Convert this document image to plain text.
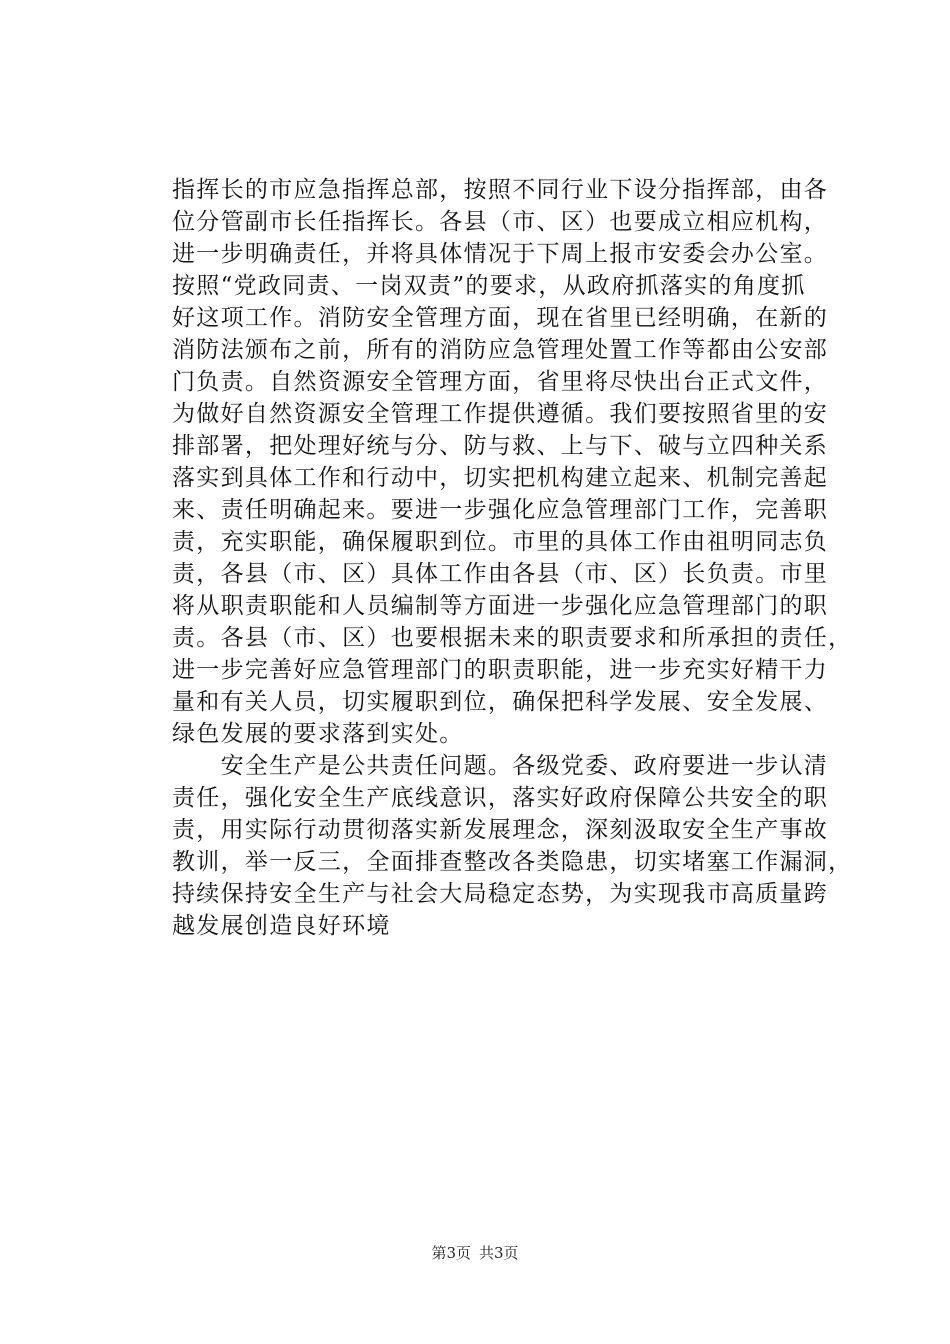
指挥长的市应急指挥总部，按照不同行业下设分指挥部，由各
位分管副市长任指挥长。各县（市、区）也要成立相应机构，
进一步明确责任，并将具体情况于下周上报市安委会办公室。
按照“党政同责、一岗双责”的要求，从政府抓落实的角度抓
好这项工作。消防安全管理方面，现在省里已经明确，在新的
消防法颁布之前，所有的消防应急管理处置工作等都由公安部
门负责。自然资源安全管理方面，省里将尽快出台正式文件，
为做好自然资源安全管理工作提供遵循。我们要按照省里的安
排部署，把处理好统与分、防与救、上与下、破与立四种关系
落实到具体工作和行动中，切实把机构建立起来、机制完善起
来、责任明确起来。要进一步强化应急管理部门工作，完善职
责，充实职能，确保履职到位。市里的具体工作由祖明同志负
责，各县（市、区）具体工作由各县（市、区）长负责。市里
将从职责职能和人员编制等方面进一步强化应急管理部门的职
责。各县（市、区）也要根据未来的职责要求和所承担的责任，
进一步完善好应急管理部门的职责职能，进一步充实好精干力
量和有关人员，切实履职到位，确保把科学发展、安全发展、
绿色发展的要求落到实处。
　　安全生产是公共责任问题。各级党委、政府要进一步认清
责任，强化安全生产底线意识，落实好政府保障公共安全的职
责，用实际行动贯彻落实新发展理念，深刻汲取安全生产事故
教训，举一反三，全面排查整改各类隐患，切实堵塞工作漏洞，
持续保持安全生产与社会大局稳定态势，为实现我市高质量跨
越发展创造良好环境
第3页 共3页
